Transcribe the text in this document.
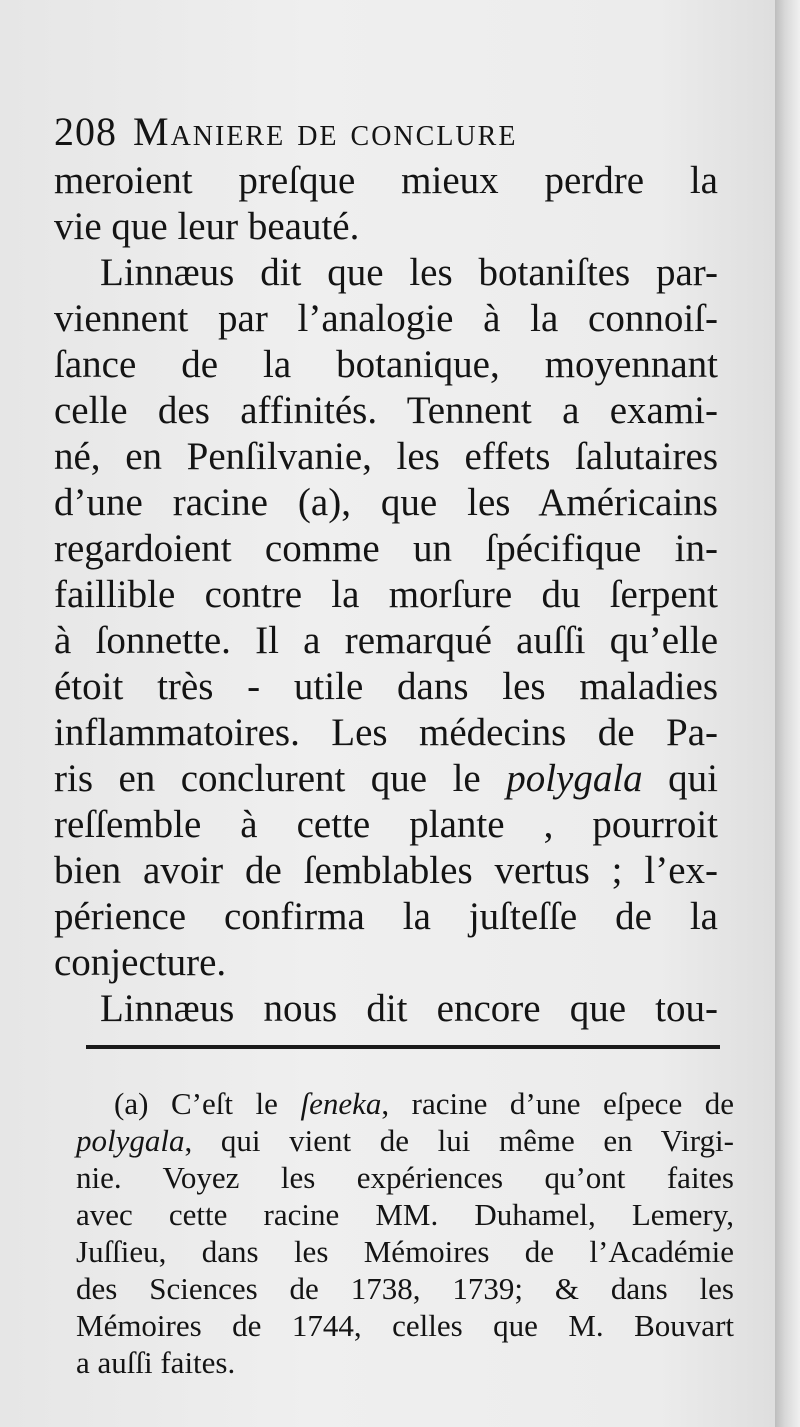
208 Maniere de conclure
meroient preſque mieux perdre la
vie que leur beauté.
Linnæus dit que les botaniſtes par-
viennent par l’analogie à la connoiſ-
ſance de la botanique, moyennant
celle des affinités. Tennent a exami-
né, en Penſilvanie, les effets ſalutaires
d’une racine (a), que les Américains
regardoient comme un ſpécifique in-
faillible contre la morſure du ſerpent
à ſonnette. Il a remarqué auſſi qu’elle
étoit très - utile dans les maladies
inflammatoires. Les médecins de Pa-
ris en conclurent que le polygala qui
reſſemble à cette plante , pourroit
bien avoir de ſemblables vertus ; l’ex-
périence confirma la juſteſſe de la
conjecture.
Linnæus nous dit encore que tou-
(a) C’eſt le ſeneka, racine d’une eſpece de
polygala, qui vient de lui même en Virgi-
nie. Voyez les expériences qu’ont faites
avec cette racine MM. Duhamel, Lemery,
Juſſieu, dans les Mémoires de l’Académie
des Sciences de 1738, 1739; & dans les
Mémoires de 1744, celles que M. Bouvart
a auſſi faites.
